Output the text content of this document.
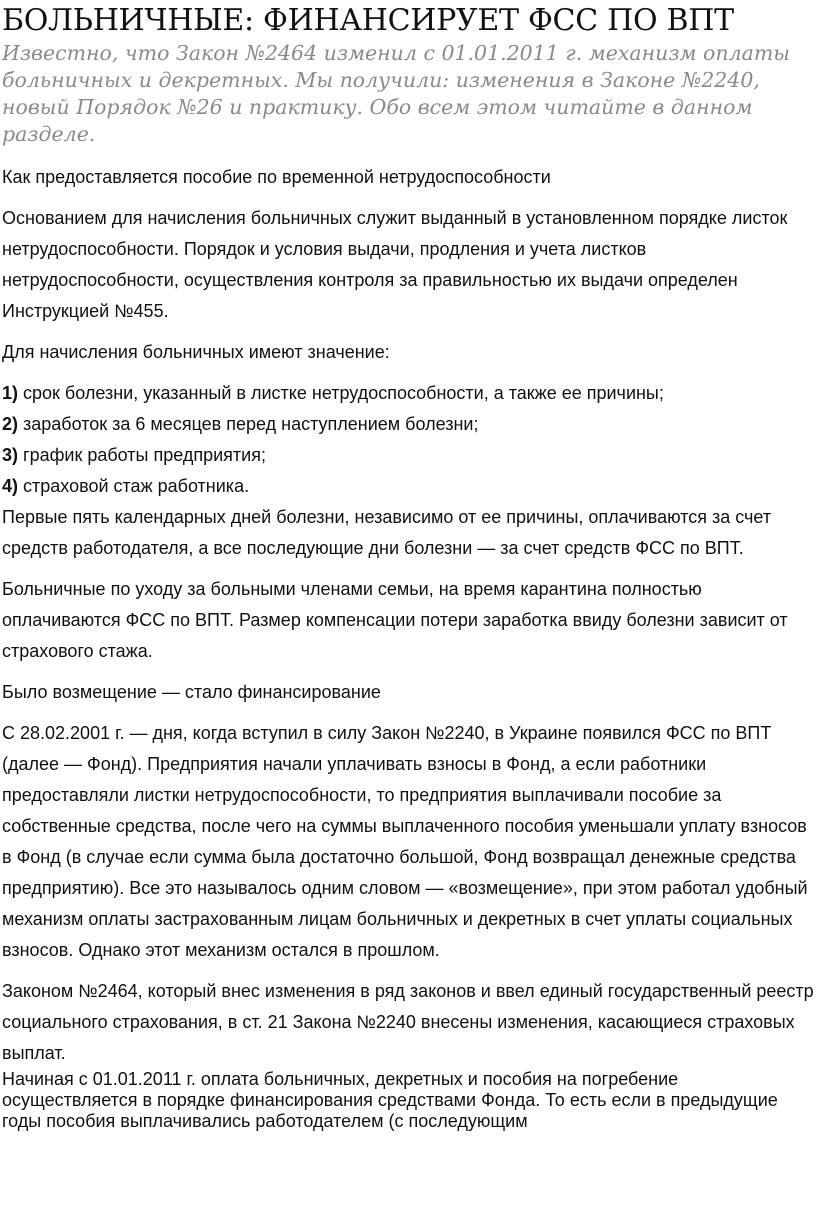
БОЛЬНИЧНЫЕ: ФИНАНСИРУЕТ ФСС ПО ВПТ

Известно, что Закон №2464 изменил с 01.01.2011 г. механизм оплаты больничных и декретных. Мы получили: изменения в Законе №2240, новый Порядок №26 и практику. Обо всем этом читайте в данном разделе.

Как предоставляется пособие по временной нетрудоспособности

Основанием для начисления больничных служит выданный в установленном порядке листок нетрудоспособности. Порядок и условия выдачи, продления и учета листков нетрудоспособности, осуществления контроля за правильностью их выдачи определен Инструкцией №455.

Для начисления больничных имеют значение:

1) срок болезни, указанный в листке нетрудоспособности, а также ее причины;

2) заработок за 6 месяцев перед наступлением болезни;

3) график работы предприятия;

4) страховой стаж работника.

Первые пять календарных дней болезни, независимо от ее причины, оплачиваются за счет средств работодателя, а все последующие дни болезни — за счет средств ФСС по ВПТ.

Больничные по уходу за больными членами семьи, на время карантина полностью оплачиваются ФСС по ВПТ. Размер компенсации потери заработка ввиду болезни зависит от страхового стажа.

Было возмещение — стало финансирование

С 28.02.2001 г. — дня, когда вступил в силу Закон №2240, в Украине появился ФСС по ВПТ (далее — Фонд). Предприятия начали уплачивать взносы в Фонд, а если работники предоставляли листки нетрудоспособности, то предприятия выплачивали пособие за собственные средства, после чего на суммы выплаченного пособия уменьшали уплату взносов в Фонд (в случае если сумма была достаточно большой, Фонд возвращал денежные средства предприятию). Все это называлось одним словом — «возмещение», при этом работал удобный механизм оплаты застрахованным лицам больничных и декретных в счет уплаты социальных взносов. Однако этот механизм остался в прошлом.

Законом №2464, который внес изменения в ряд законов и ввел единый государственный реестр социального страхования, в ст. 21 Закона №2240 внесены изменения, касающиеся страховых выплат.

Начиная с 01.01.2011 г. оплата больничных, декретных и пособия на погребение осуществляется в порядке финансирования средствами Фонда. То есть если в предыдущие годы пособия выплачивались работодателем (с последующим
